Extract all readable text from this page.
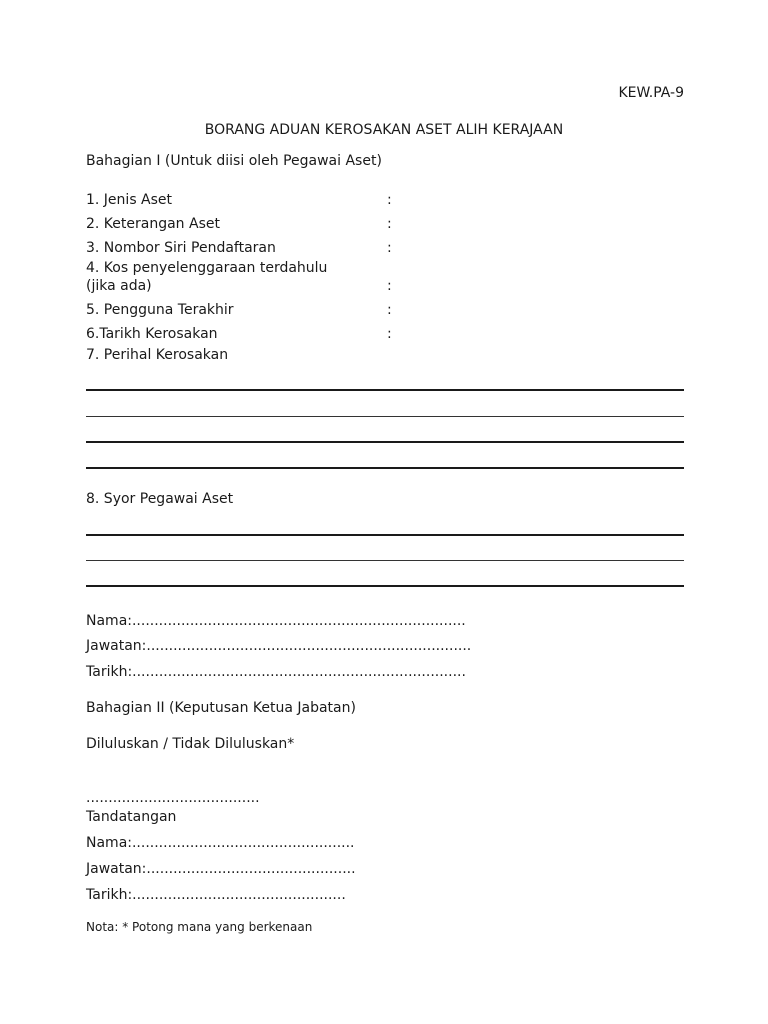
KEW.PA-9
BORANG ADUAN KEROSAKAN ASET ALIH KERAJAAN
Bahagian I (Untuk diisi oleh Pegawai Aset)
1. Jenis Aset	:
2. Keterangan Aset	:
3. Nombor Siri Pendaftaran	:
4. Kos penyelenggaraan terdahulu
(jika ada)	:
5. Pengguna Terakhir	:
6.Tarikh Kerosakan	:
7. Perihal Kerosakan
8. Syor Pegawai Aset
Nama:...........................................................................
Jawatan:.........................................................................
Tarikh:...........................................................................
Bahagian II (Keputusan Ketua Jabatan)
Diluluskan / Tidak Diluluskan*
.......................................
Tandatangan
Nama:..................................................
Jawatan:...............................................
Tarikh:................................................
Nota: * Potong mana yang berkenaan
